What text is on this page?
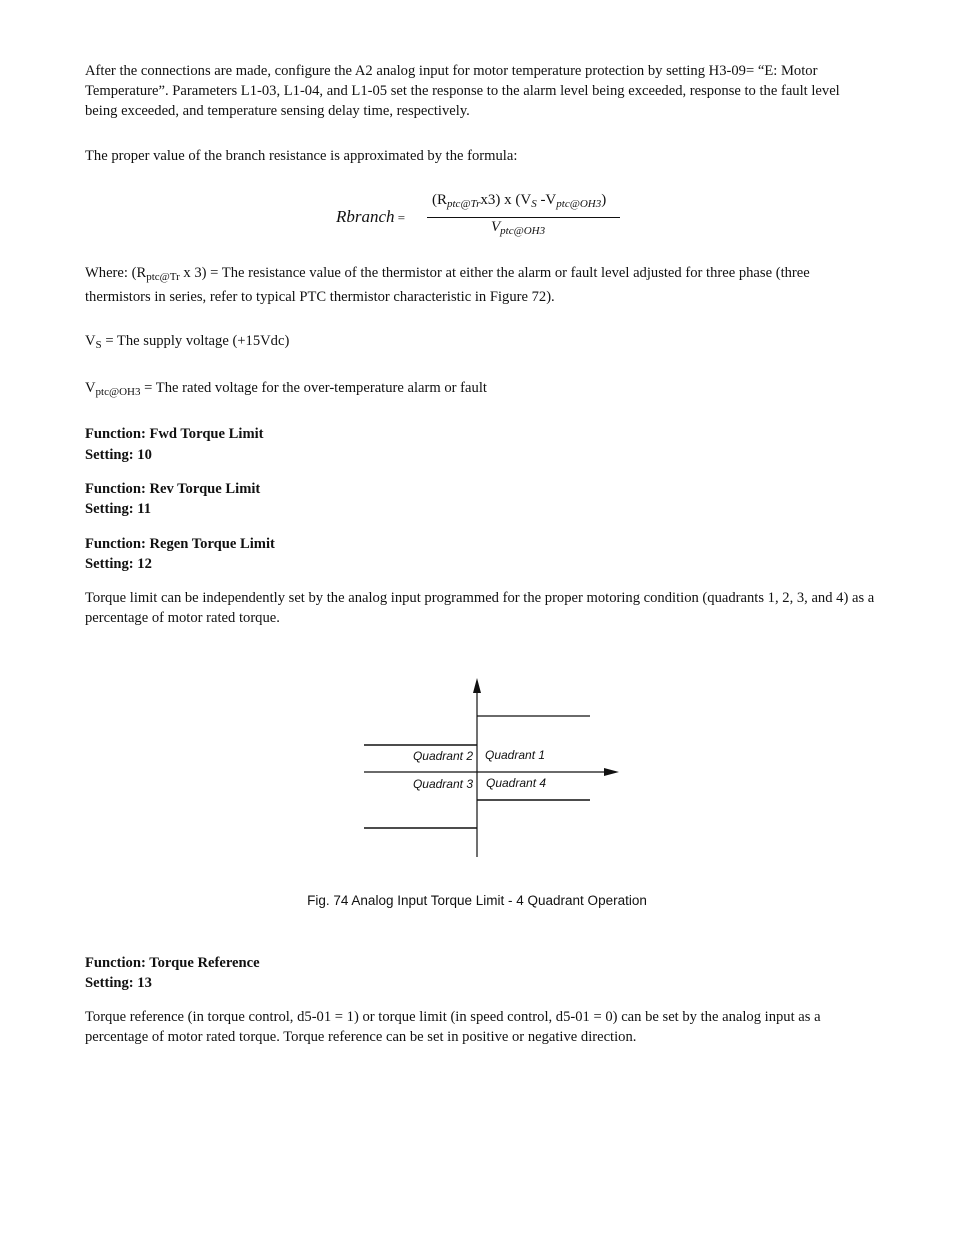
After the connections are made, configure the A2 analog input for motor temperature protection by setting H3-09= “E: Motor Temperature”. Parameters L1-03, L1-04, and L1-05 set the response to the alarm level being exceeded, response to the fault level being exceeded, and temperature sensing delay time, respectively.

The proper value of the branch resistance is approximated by the formula:

Rbranch =
$(R_{ptc@Tr}x3)$ x ($V_S$ $-V_{ptc@OH3}$)
$V_{ptc@OH3}$

Where: ($R_{ptc@Tr}$ x 3) = The resistance value of the thermistor at either the alarm or fault level adjusted for three phase (three thermistors in series, refer to typical PTC thermistor characteristic in Figure 72).

$V_S$ = The supply voltage (+15Vdc)

$V_{ptc@OH3}$ = The rated voltage for the over-temperature alarm or fault

Function: Fwd Torque Limit

Setting: 10

Function: Rev Torque Limit

Setting: 11

Function: Regen Torque Limit

Setting: 12

Torque limit can be independently set by the analog input programmed for the proper motoring condition (quadrants 1, 2, 3, and 4) as a percentage of motor rated torque.

Quadrant 2 Quadrant 1
Quadrant 3 Quadrant 4
Fig. 74 Analog Input Torque Limit - 4 Quadrant Operation

Function: Torque Reference

Setting: 13

Torque reference (in torque control, d5-01 = 1) or torque limit (in speed control, d5-01 = 0) can be set by the analog input as a percentage of motor rated torque. Torque reference can be set in positive or negative direction.
